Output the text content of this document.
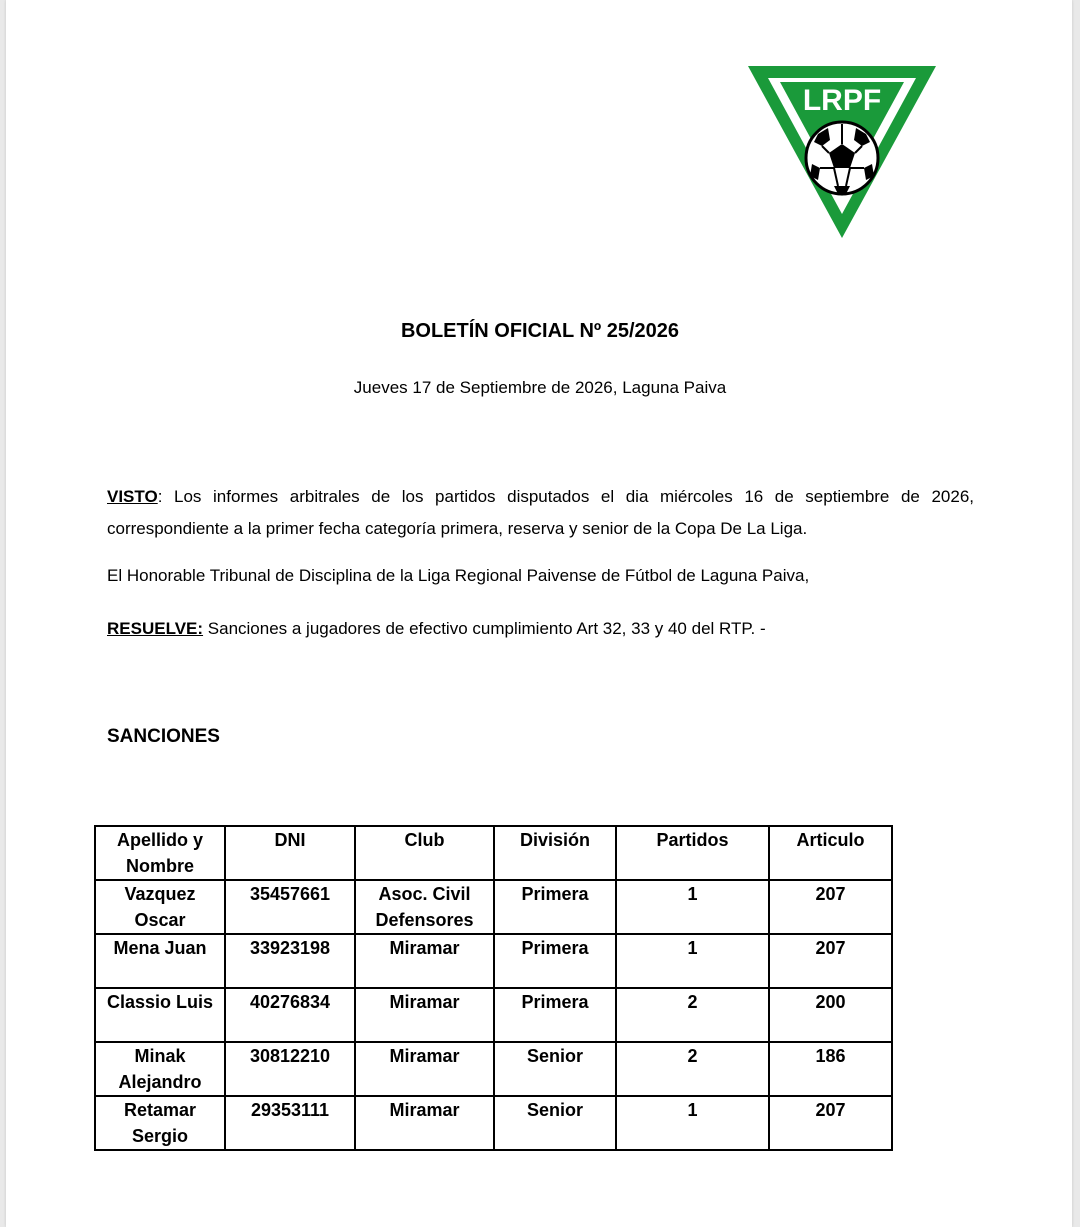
LRPF
BOLETÍN OFICIAL Nº 25/2026
Jueves 17 de Septiembre de 2026, Laguna Paiva
VISTO: Los informes arbitrales de los partidos disputados el dia miércoles 16 de septiembre de 2026, correspondiente a la primer fecha categoría primera, reserva y senior de la Copa De La Liga.
El Honorable Tribunal de Disciplina de la Liga Regional Paivense de Fútbol de Laguna Paiva,
RESUELVE: Sanciones a jugadores de efectivo cumplimiento Art 32, 33 y 40 del RTP. -
SANCIONES
Apellido y Nombre	DNI	Club	División	Partidos	Articulo
Vazquez Oscar	35457661	Asoc. Civil Defensores	Primera	1	207
Mena Juan	33923198	Miramar	Primera	1	207
Classio Luis	40276834	Miramar	Primera	2	200
Minak Alejandro	30812210	Miramar	Senior	2	186
Retamar Sergio	29353111	Miramar	Senior	1	207
